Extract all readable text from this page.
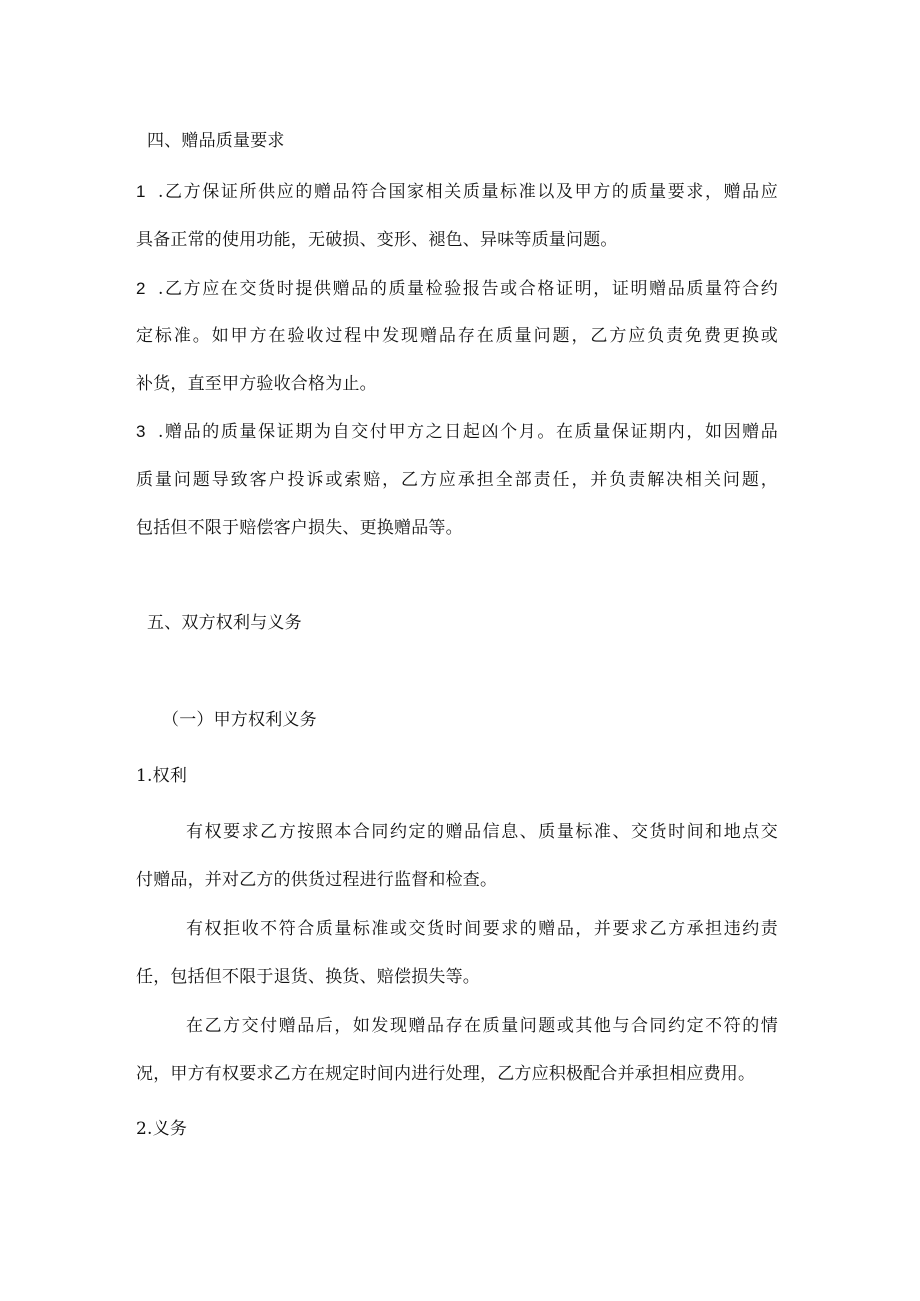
四、赠品质量要求
1 .乙方保证所供应的赠品符合国家相关质量标准以及甲方的质量要求，赠品应
具备正常的使用功能，无破损、变形、褪色、异味等质量问题。
2 .乙方应在交货时提供赠品的质量检验报告或合格证明，证明赠品质量符合约
定标准。如甲方在验收过程中发现赠品存在质量问题，乙方应负责免费更换或
补货，直至甲方验收合格为止。
3 .赠品的质量保证期为自交付甲方之日起凶个月。在质量保证期内，如因赠品
质量问题导致客户投诉或索赔，乙方应承担全部责任，并负责解决相关问题，
包括但不限于赔偿客户损失、更换赠品等。
五、双方权利与义务
（一）甲方权利义务
1.权利
有权要求乙方按照本合同约定的赠品信息、质量标准、交货时间和地点交
付赠品，并对乙方的供货过程进行监督和检查。
有权拒收不符合质量标准或交货时间要求的赠品，并要求乙方承担违约责
任，包括但不限于退货、换货、赔偿损失等。
在乙方交付赠品后，如发现赠品存在质量问题或其他与合同约定不符的情
况，甲方有权要求乙方在规定时间内进行处理，乙方应积极配合并承担相应费用。
2.义务
